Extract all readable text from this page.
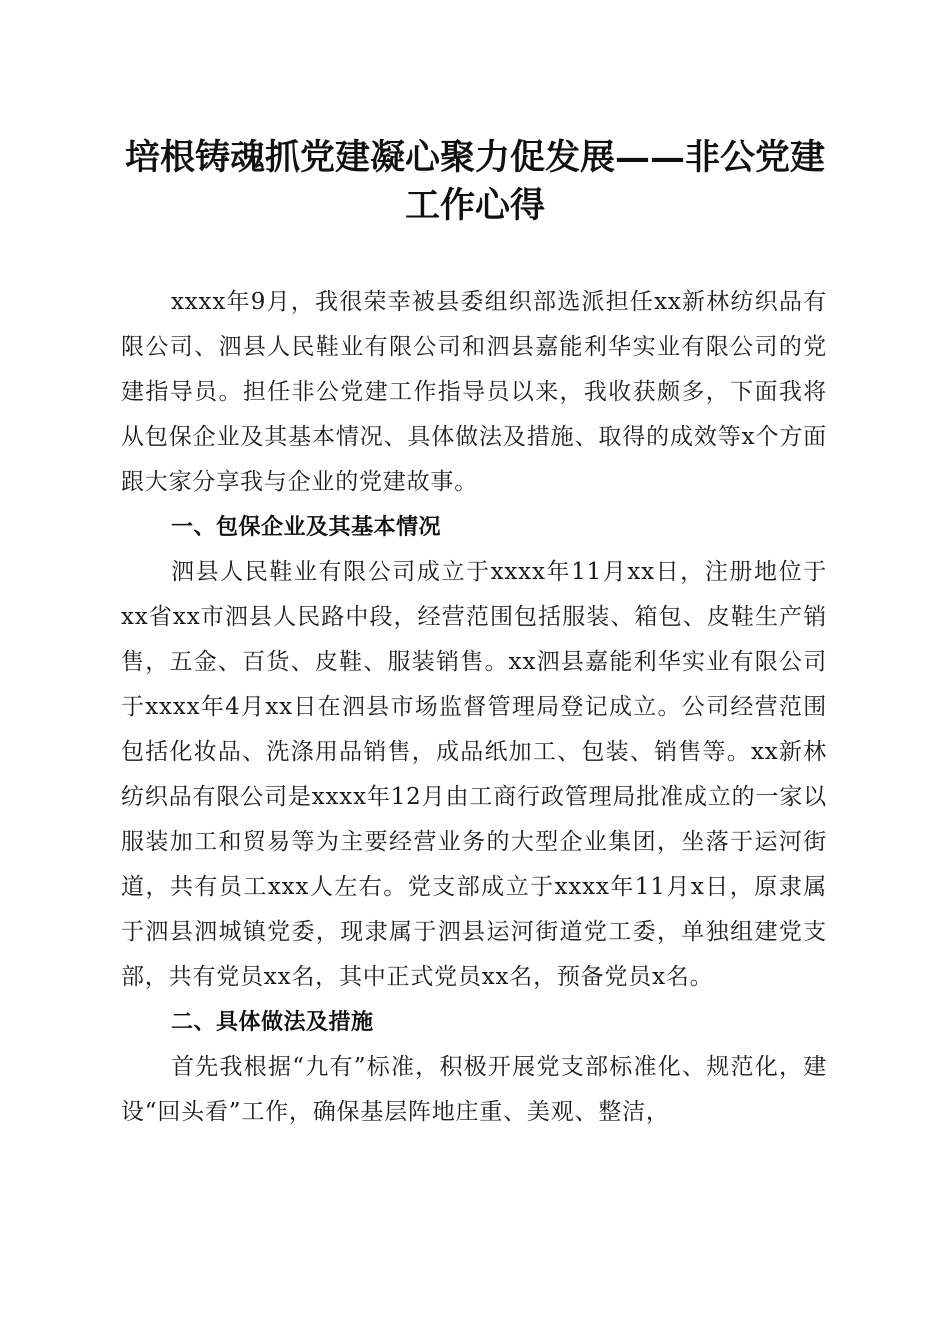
培根铸魂抓党建凝心聚力促发展——非公党建工作心得

xxxx年9月，我很荣幸被县委组织部选派担任xx新林纺织品有限公司、泗县人民鞋业有限公司和泗县嘉能利华实业有限公司的党建指导员。担任非公党建工作指导员以来，我收获颇多，下面我将从包保企业及其基本情况、具体做法及措施、取得的成效等x个方面跟大家分享我与企业的党建故事。

一、包保企业及其基本情况

泗县人民鞋业有限公司成立于xxxx年11月xx日，注册地位于xx省xx市泗县人民路中段，经营范围包括服装、箱包、皮鞋生产销售，五金、百货、皮鞋、服装销售。xx泗县嘉能利华实业有限公司于xxxx年4月xx日在泗县市场监督管理局登记成立。公司经营范围包括化妆品、洗涤用品销售，成品纸加工、包装、销售等。xx新林纺织品有限公司是xxxx年12月由工商行政管理局批准成立的一家以服装加工和贸易等为主要经营业务的大型企业集团，坐落于运河街道，共有员工xxx人左右。党支部成立于xxxx年11月x日，原隶属于泗县泗城镇党委，现隶属于泗县运河街道党工委，单独组建党支部，共有党员xx名，其中正式党员xx名，预备党员x名。

二、具体做法及措施

首先我根据“九有”标准，积极开展党支部标准化、规范化，建设“回头看”工作，确保基层阵地庄重、美观、整洁，
